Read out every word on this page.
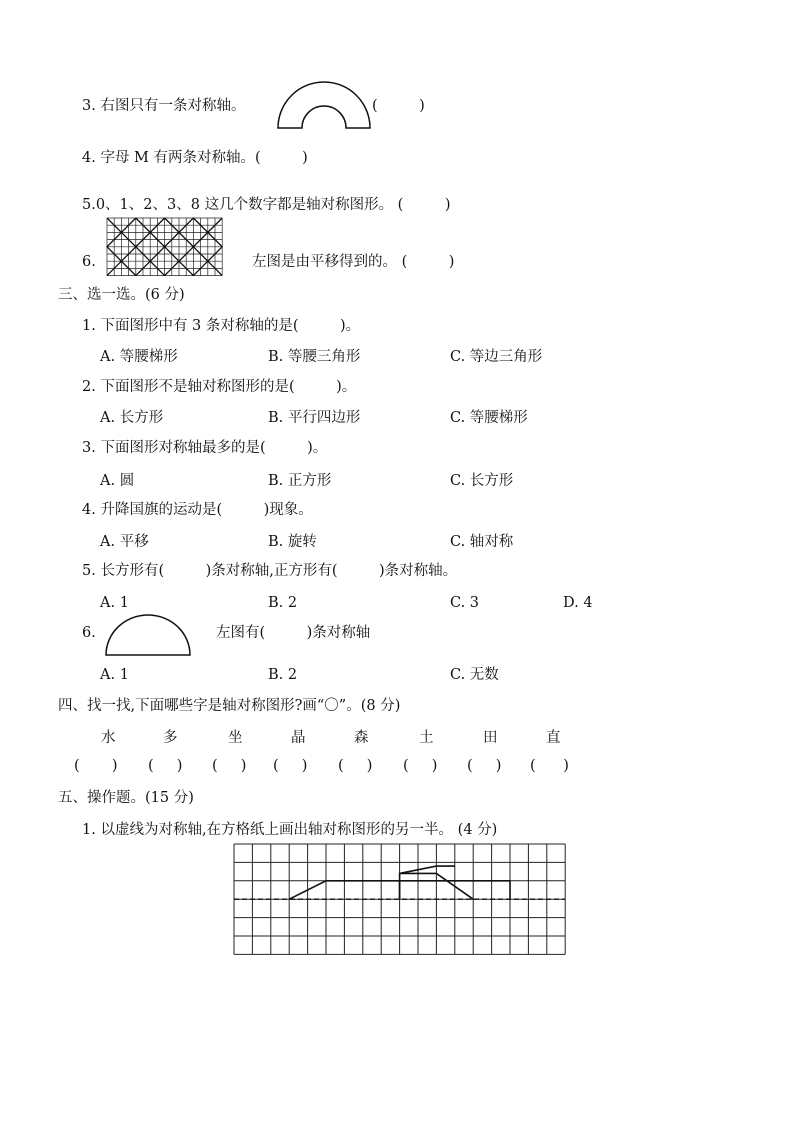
3. 右图只有一条对称轴。	(         )
4. 字母 M 有两条对称轴。(         )
5.0、1、2、3、8 这几个数字都是轴对称图形。 (         )
6.	左图是由平移得到的。 (         )
三、选一选。(6 分)
1. 下面图形中有 3 条对称轴的是(         )。
A. 等腰梯形	B. 等腰三角形	C. 等边三角形
2. 下面图形不是轴对称图形的是(         )。
A. 长方形	B. 平行四边形	C. 等腰梯形
3. 下面图形对称轴最多的是(         )。
A. 圆	B. 正方形	C. 长方形
4. 升降国旗的运动是(         )现象。
A. 平移	B. 旋转	C. 轴对称
5. 长方形有(         )条对称轴,正方形有(         )条对称轴。
A. 1	B. 2	C. 3	D. 4
6.	左图有(         )条对称轴
A. 1	B. 2	C. 无数
四、找一找,下面哪些字是轴对称图形?画“〇”。(8 分)
水	多	坐	晶	森	土	田	直
(       ) (     ) (     ) (     ) (     ) (     ) (     ) (      )
五、操作题。(15 分)
1. 以虚线为对称轴,在方格纸上画出轴对称图形的另一半。 (4 分)
